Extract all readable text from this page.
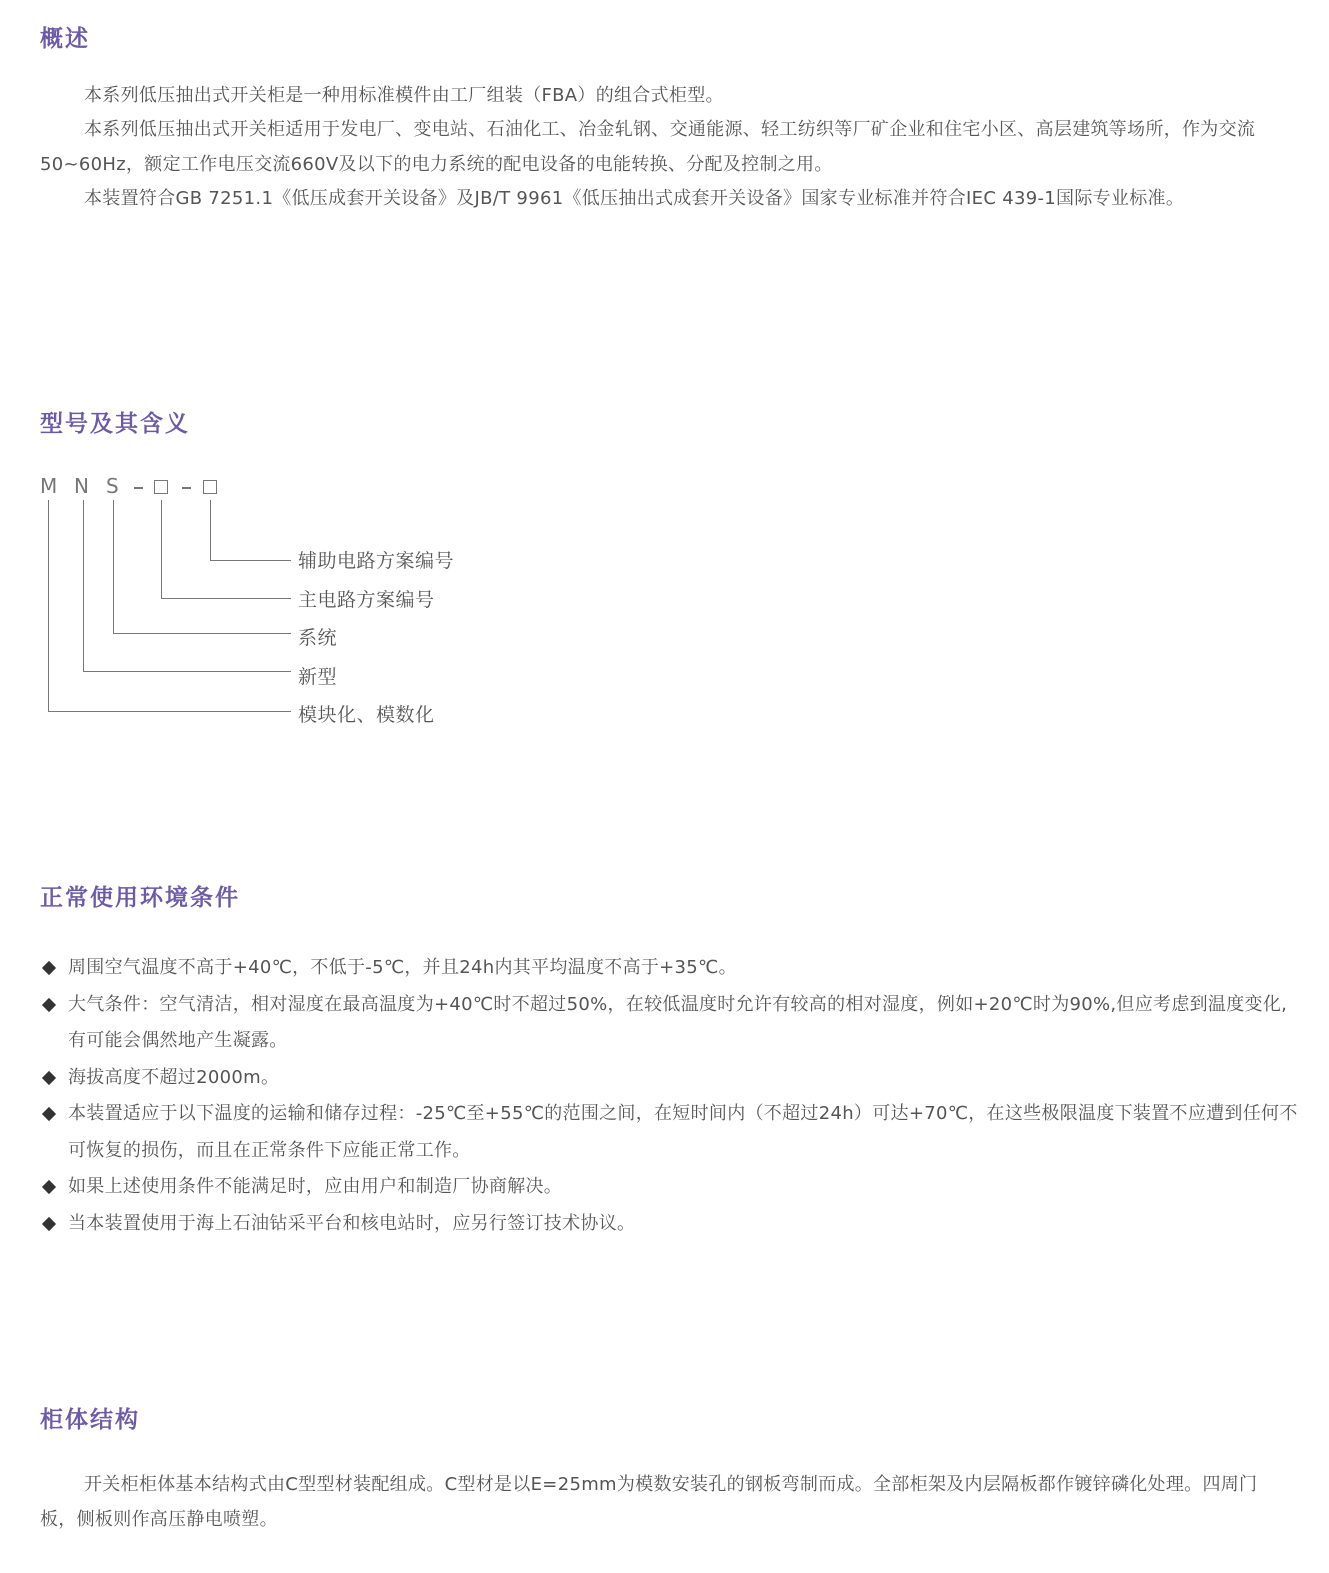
概述

本系列低压抽出式开关柜是一种用标准模件由工厂组装（FBA）的组合式柜型。

本系列低压抽出式开关柜适用于发电厂、变电站、石油化工、冶金轧钢、交通能源、轻工纺织等厂矿企业和住宅小区、高层建筑等场所，作为交流50~60Hz，额定工作电压交流660V及以下的电力系统的配电设备的电能转换、分配及控制之用。

本装置符合GB 7251.1《低压成套开关设备》及JB/T 9961《低压抽出式成套开关设备》国家专业标准并符合IEC 439-1国际专业标准。

型号及其含义
M N S
辅助电路方案编号
主电路方案编号
系统
新型
模块化、模数化
正常使用环境条件
周围空气温度不高于+40℃，不低于-5℃，并且24h内其平均温度不高于+35℃。
大气条件：空气清洁，相对湿度在最高温度为+40℃时不超过50%，在较低温度时允许有较高的相对湿度，例如+20℃时为90%,但应考虑到温度变化,有可能会偶然地产生凝露。
海拔高度不超过2000m。
本装置适应于以下温度的运输和储存过程：-25℃至+55℃的范围之间，在短时间内（不超过24h）可达+70℃，在这些极限温度下装置不应遭到任何不可恢复的损伤，而且在正常条件下应能正常工作。
如果上述使用条件不能满足时，应由用户和制造厂协商解决。
当本装置使用于海上石油钻采平台和核电站时，应另行签订技术协议。
柜体结构

开关柜柜体基本结构式由C型型材装配组成。C型材是以E=25mm为模数安装孔的钢板弯制而成。全部柜架及内层隔板都作镀锌磷化处理。四周门板，侧板则作高压静电喷塑。
